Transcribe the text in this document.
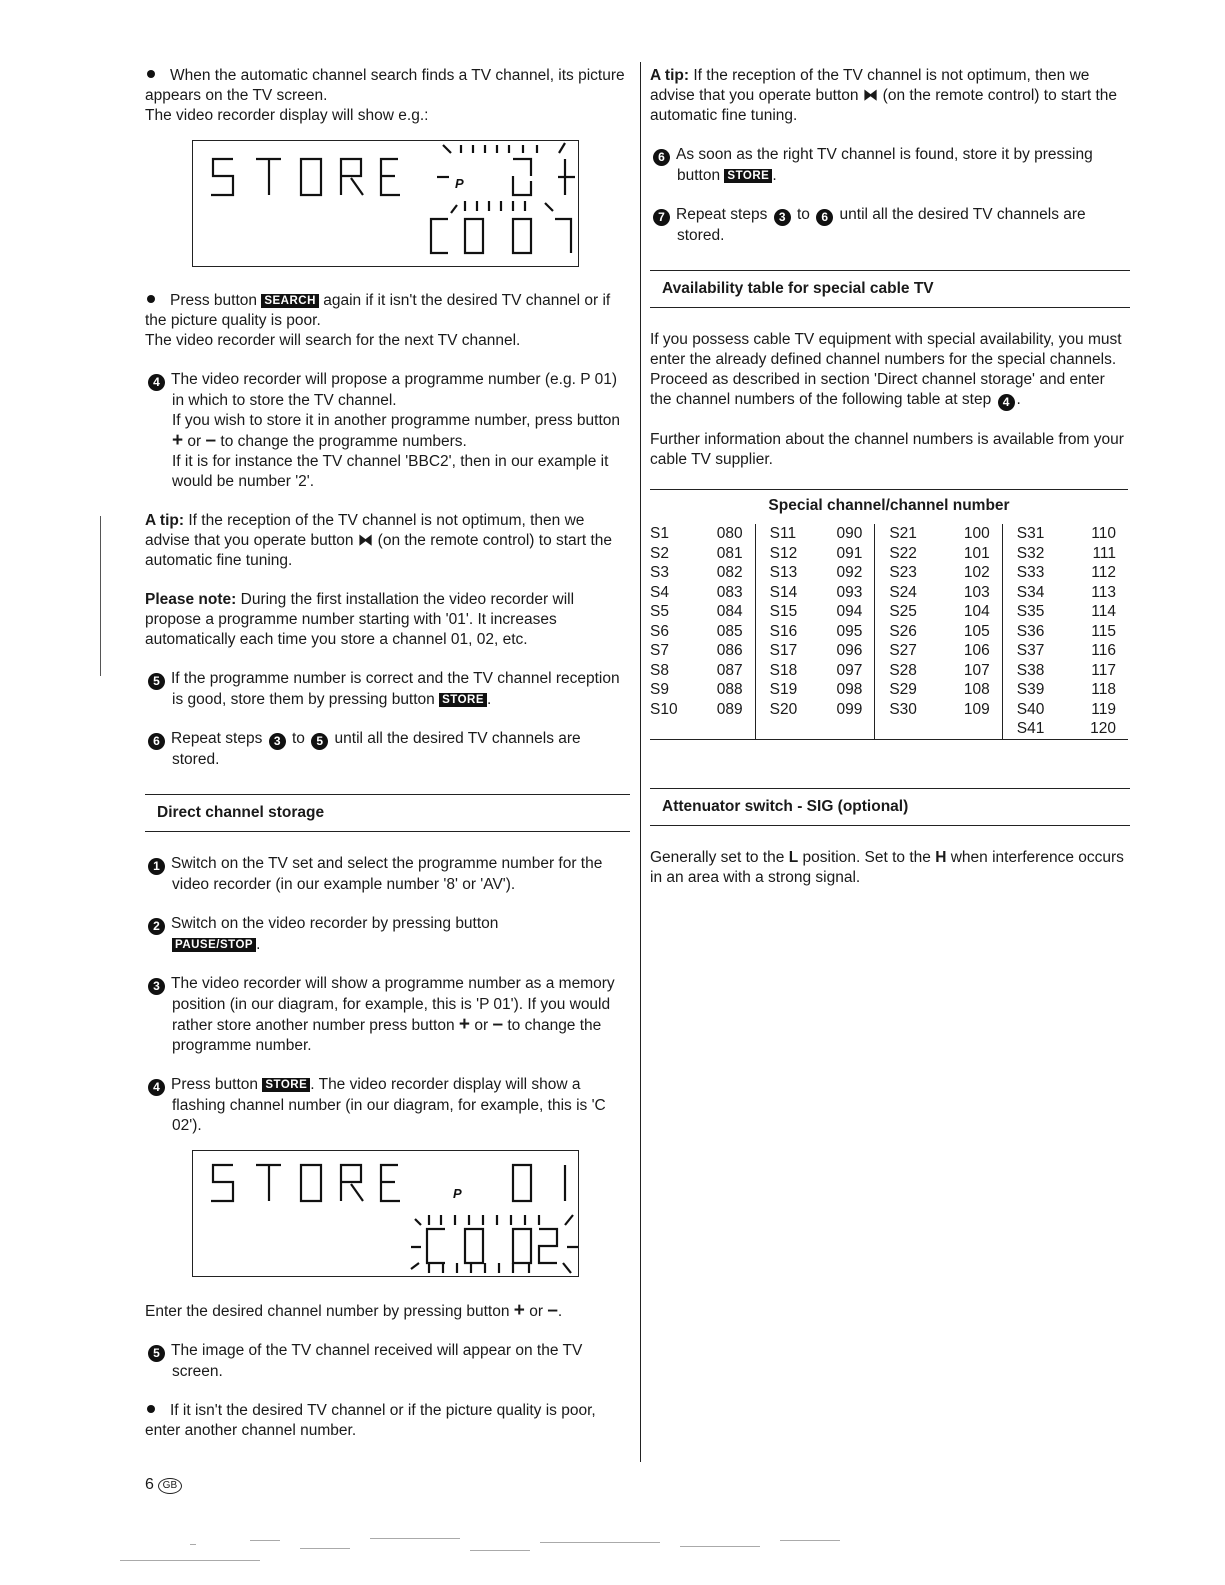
When the automatic channel search finds a TV channel, its picture appears on the TV screen.

The video recorder display will show e.g.:

P

Press button SEARCH again if it isn't the desired TV channel or if the picture quality is poor.

The video recorder will search for the next TV channel.

4 The video recorder will propose a programme number (e.g. P 01) in which to store the TV channel.
If you wish to store it in another programme number, press button + or – to change the programme numbers.
If it is for instance the TV channel 'BBC2', then in our example it would be number '2'.

A tip: If the reception of the TV channel is not optimum, then we advise that you operate button ⧓ (on the remote control) to start the automatic fine tuning.

Please note: During the first installation the video recorder will propose a programme number starting with '01'. It increases automatically each time you store a channel 01, 02, etc.

5 If the programme number is correct and the TV channel reception is good, store them by pressing button STORE .

6 Repeat steps 3 to 5 until all the desired TV channels are stored.

Direct channel storage

1 Switch on the TV set and select the programme number for the video recorder (in our example number '8' or 'AV').

2 Switch on the video recorder by pressing button
PAUSE/STOP .

3 The video recorder will show a programme number as a memory position (in our diagram, for example, this is 'P 01'). If you would rather store another number press button + or – to change the programme number.

4 Press button STORE . The video recorder display will show a flashing channel number (in our diagram, for example, this is 'C 02').

P

Enter the desired channel number by pressing button + or –.

5 The image of the TV channel received will appear on the TV screen.

If it isn't the desired TV channel or if the picture quality is poor, enter another channel number.

A tip: If the reception of the TV channel is not optimum, then we advise that you operate button ⧓ (on the remote control) to start the automatic fine tuning.

6 As soon as the right TV channel is found, store it by pressing button STORE .

7 Repeat steps 3 to 6 until all the desired TV channels are stored.

Availability table for special cable TV

If you possess cable TV equipment with special availability, you must enter the already defined channel numbers for the special channels.

Proceed as described in section 'Direct channel storage' and enter the channel numbers of the following table at step 4 .

Further information about the channel numbers is available from your cable TV supplier.

Special channel/channel number
S1	080	S11	090	S21	100	S31	110
S2	081	S12	091	S22	101	S32	111
S3	082	S13	092	S23	102	S33	112
S4	083	S14	093	S24	103	S34	113
S5	084	S15	094	S25	104	S35	114
S6	085	S16	095	S26	105	S36	115
S7	086	S17	096	S27	106	S37	116
S8	087	S18	097	S28	107	S38	117
S9	088	S19	098	S29	108	S39	118
S10	089	S20	099	S30	109	S40	119
						S41	120
Attenuator switch - SIG (optional)

Generally set to the L position. Set to the H when interference occurs in an area with a strong signal.

6 GB
